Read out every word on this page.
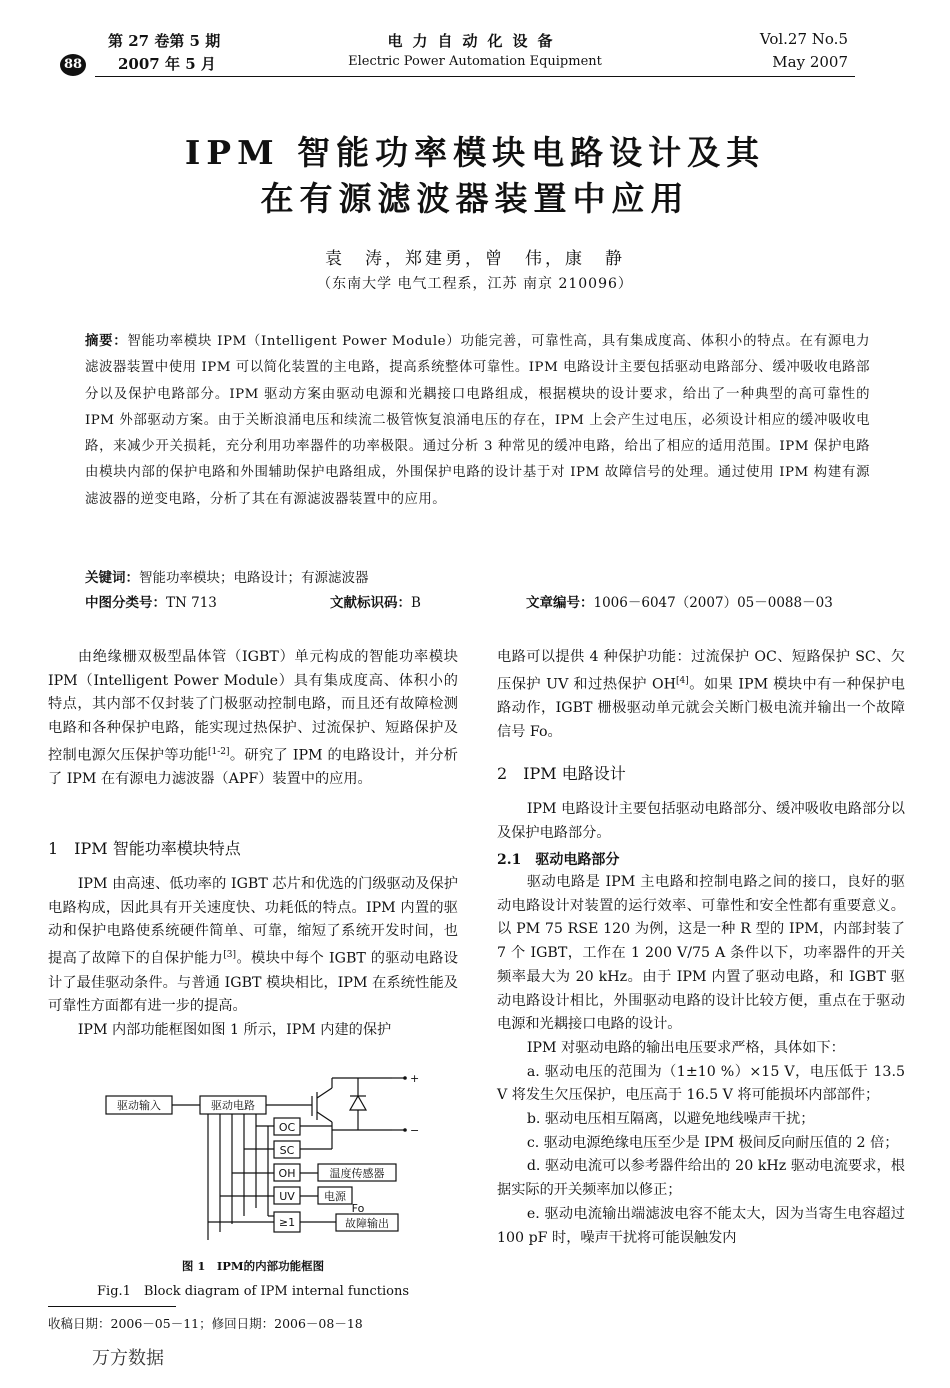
第 27 卷第 5 期
88 2007 年 5 月
电力自动化设备
Electric Power Automation Equipment
Vol.27 No.5
May 2007
IPM 智能功率模块电路设计及其
在有源滤波器装置中应用
袁　涛，郑建勇，曾　伟，康　静
（东南大学 电气工程系，江苏 南京 210096）
摘要：智能功率模块 IPM（Intelligent Power Module）功能完善，可靠性高，具有集成度高、体积小的特点。在有源电力滤波器装置中使用 IPM 可以简化装置的主电路，提高系统整体可靠性。IPM 电路设计主要包括驱动电路部分、缓冲吸收电路部分以及保护电路部分。IPM 驱动方案由驱动电源和光耦接口电路组成，根据模块的设计要求，给出了一种典型的高可靠性的 IPM 外部驱动方案。由于关断浪涌电压和续流二极管恢复浪涌电压的存在，IPM 上会产生过电压，必须设计相应的缓冲吸收电路，来减少开关损耗，充分利用功率器件的功率极限。通过分析 3 种常见的缓冲电路，给出了相应的适用范围。IPM 保护电路由模块内部的保护电路和外围辅助保护电路组成，外围保护电路的设计基于对 IPM 故障信号的处理。通过使用 IPM 构建有源滤波器的逆变电路，分析了其在有源滤波器装置中的应用。
关键词：智能功率模块；电路设计；有源滤波器
中图分类号：TN 713	文献标识码：B	文章编号：1006－6047（2007）05－0088－03

由绝缘栅双极型晶体管（IGBT）单元构成的智能功率模块 IPM（Intelligent Power Module）具有集成度高、体积小的特点，其内部不仅封装了门极驱动控制电路，而且还有故障检测电路和各种保护电路，能实现过热保护、过流保护、短路保护及控制电源欠压保护等功能[1-2]。研究了 IPM 的电路设计，并分析了 IPM 在有源电力滤波器（APF）装置中的应用。

1　IPM 智能功率模块特点

IPM 由高速、低功率的 IGBT 芯片和优选的门级驱动及保护电路构成，因此具有开关速度快、功耗低的特点。IPM 内置的驱动和保护电路使系统硬件简单、可靠，缩短了系统开发时间，也提高了故障下的自保护能力[3]。模块中每个 IGBT 的驱动电路设计了最佳驱动条件。与普通 IGBT 模块相比，IPM 在系统性能及可靠性方面都有进一步的提高。

IPM 内部功能框图如图 1 所示，IPM 内建的保护

驱动输入	驱动电路
OC
SC
OH
UV
≥1
温度传感器
电源
故障输出
Fo
+
−
图 1　IPM的内部功能框图
Fig.1　Block diagram of IPM internal functions
收稿日期：2006－05－11；修回日期：2006－08－18
万方数据

电路可以提供 4 种保护功能：过流保护 OC、短路保护 SC、欠压保护 UV 和过热保护 OH[4]。如果 IPM 模块中有一种保护电路动作，IGBT 栅极驱动单元就会关断门极电流并输出一个故障信号 Fo。

2　IPM 电路设计

IPM 电路设计主要包括驱动电路部分、缓冲吸收电路部分以及保护电路部分。

2.1　驱动电路部分

驱动电路是 IPM 主电路和控制电路之间的接口，良好的驱动电路设计对装置的运行效率、可靠性和安全性都有重要意义。以 PM 75 RSE 120 为例，这是一种 R 型的 IPM，内部封装了 7 个 IGBT，工作在 1 200 V/75 A 条件以下，功率器件的开关频率最大为 20 kHz。由于 IPM 内置了驱动电路，和 IGBT 驱动电路设计相比，外围驱动电路的设计比较方便，重点在于驱动电源和光耦接口电路的设计。

IPM 对驱动电路的输出电压要求严格，具体如下：

a. 驱动电压的范围为（1±10 %）×15 V，电压低于 13.5 V 将发生欠压保护，电压高于 16.5 V 将可能损坏内部部件；

b. 驱动电压相互隔离，以避免地线噪声干扰；

c. 驱动电源绝缘电压至少是 IPM 极间反向耐压值的 2 倍；

d. 驱动电流可以参考器件给出的 20 kHz 驱动电流要求，根据实际的开关频率加以修正；

e. 驱动电流输出端滤波电容不能太大，因为当寄生电容超过 100 pF 时，噪声干扰将可能误触发内
